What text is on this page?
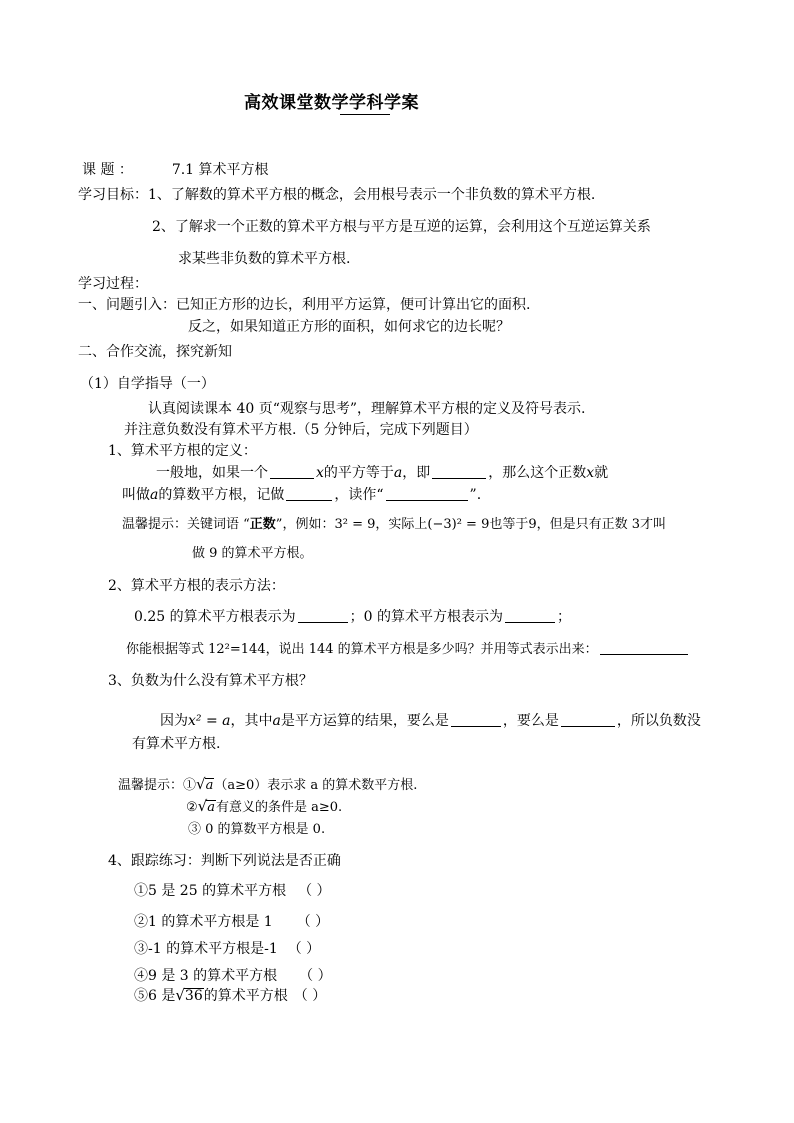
高效课堂数学学科学案
课 题 ：	7.1 算术平方根
学习目标：1、了解数的算术平方根的概念，会用根号表示一个非负数的算术平方根.
2、了解求一个正数的算术平方根与平方是互逆的运算，会利用这个互逆运算关系
求某些非负数的算术平方根.
学习过程：
一、问题引入：已知正方形的边长，利用平方运算，便可计算出它的面积.
反之，如果知道正方形的面积，如何求它的边长呢？
二、合作交流，探究新知
（1）自学指导（一）
认真阅读课本 40 页“观察与思考”，理解算术平方根的定义及符号表示.
并注意负数没有算术平方根.（5 分钟后，完成下列题目）
1、算术平方根的定义：
一般地，如果一个	x的平方等于a，即	，那么这个正数x就
叫做a的算数平方根，记做	，读作“	”.
温馨提示：关键词语 “正数”，例如：3² = 9，实际上(−3)² = 9也等于9，但是只有正数 3才叫
做 9 的算术平方根。
2、算术平方根的表示方法：
0.25 的算术平方根表示为	；0 的算术平方根表示为	；
你能根据等式 12²=144，说出 144 的算术平方根是多少吗？并用等式表示出来：
3、负数为什么没有算术平方根？
因为x² = a，其中a是平方运算的结果，要么是	，要么是	，所以负数没
有算术平方根.
温馨提示：①√a（a≥0）表示求 a 的算术数平方根.
②√a有意义的条件是 a≥0.
③ 0 的算数平方根是 0.
4、跟踪练习：判断下列说法是否正确
①5 是 25 的算术平方根 （ ）
②1 的算术平方根是 1 （ ）
③-1 的算术平方根是-1 （ ）
④9 是 3 的算术平方根 （ ）
⑤6 是√36的算术平方根 （ ）
